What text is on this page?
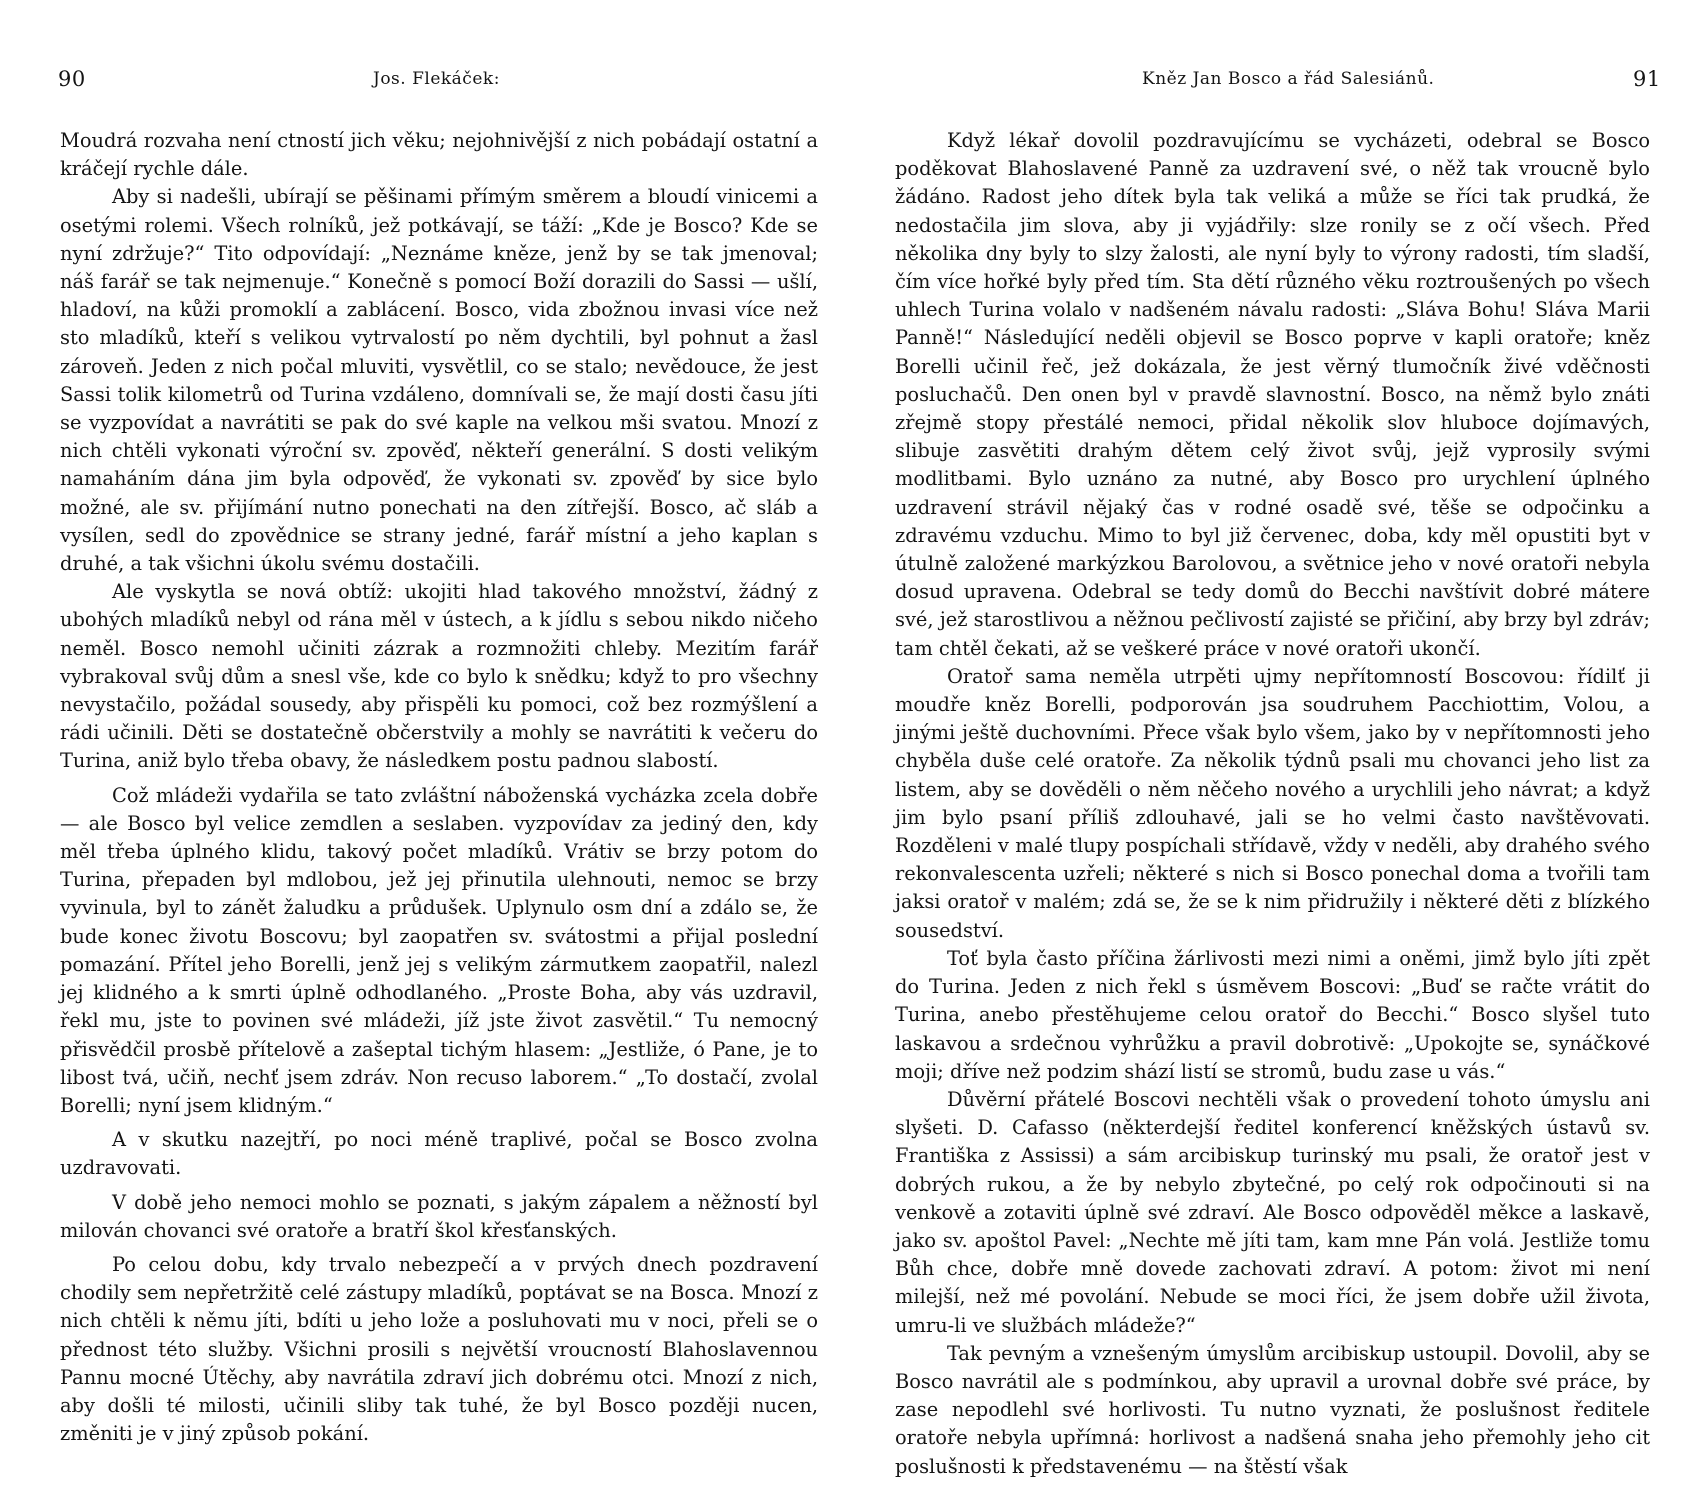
90	Jos. Flekáček:

Moudrá rozvaha není ctností jich věku; nejohnivější z nich pobádají ostatní a kráčejí rychle dále.

Aby si nadešli, ubírají se pěšinami přímým směrem a bloudí vinicemi a osetými rolemi. Všech rolníků, jež potkávají, se táží: „Kde je Bosco? Kde se nyní zdržuje?“ Tito odpovídají: „Neznáme kněze, jenž by se tak jmenoval; náš farář se tak nejmenuje.“ Konečně s pomocí Boží dorazili do Sassi — ušlí, hladoví, na kůži promoklí a zablácení. Bosco, vida zbožnou invasi více než sto mladíků, kteří s velikou vytrvalostí po něm dychtili, byl pohnut a žasl zároveň. Jeden z nich počal mluviti, vysvětlil, co se stalo; nevědouce, že jest Sassi tolik kilometrů od Turina vzdáleno, domnívali se, že mají dosti času jíti se vyzpovídat a navrátiti se pak do své kaple na velkou mši svatou. Mnozí z nich chtěli vykonati výroční sv. zpověď, někteří generální. S dosti velikým namaháním dána jim byla odpověď, že vykonati sv. zpověď by sice bylo možné, ale sv. přijímání nutno ponechati na den zítřejší. Bosco, ač sláb a vysílen, sedl do zpovědnice se strany jedné, farář místní a jeho kaplan s druhé, a tak všichni úkolu svému dostačili.

Ale vyskytla se nová obtíž: ukojiti hlad takového množství, žádný z ubohých mladíků nebyl od rána měl v ústech, a k jídlu s sebou nikdo ničeho neměl. Bosco nemohl učiniti zázrak a rozmnožiti chleby. Mezitím farář vybrakoval svůj dům a snesl vše, kde co bylo k snědku; když to pro všechny nevystačilo, požádal sousedy, aby přispěli ku pomoci, což bez rozmýšlení a rádi učinili. Děti se dostatečně občerstvily a mohly se navrátiti k večeru do Turina, aniž bylo třeba obavy, že následkem postu padnou slabostí.

Což mládeži vydařila se tato zvláštní náboženská vycházka zcela dobře — ale Bosco byl velice zemdlen a seslaben. vyzpovídav za jediný den, kdy měl třeba úplného klidu, takový počet mladíků. Vrátiv se brzy potom do Turina, přepaden byl mdlobou, jež jej přinutila ulehnouti, nemoc se brzy vyvinula, byl to zánět žaludku a průdušek. Uplynulo osm dní a zdálo se, že bude konec životu Boscovu; byl zaopatřen sv. svátostmi a přijal poslední pomazání. Přítel jeho Borelli, jenž jej s velikým zármutkem zaopatřil, nalezl jej klidného a k smrti úplně odhodlaného. „Proste Boha, aby vás uzdravil, řekl mu, jste to povinen své mládeži, jíž jste život zasvětil.“ Tu nemocný přisvědčil prosbě přítelově a zašeptal tichým hlasem: „Jestliže, ó Pane, je to libost tvá, učiň, nechť jsem zdráv. Non recuso laborem.“ „To dostačí, zvolal Borelli; nyní jsem klidným.“

A v skutku nazejtří, po noci méně traplivé, počal se Bosco zvolna uzdravovati.

V době jeho nemoci mohlo se poznati, s jakým zápalem a něžností byl milován chovanci své oratoře a bratří škol křesťanských.

Po celou dobu, kdy trvalo nebezpečí a v prvých dnech pozdravení chodily sem nepřetržitě celé zástupy mladíků, poptávat se na Bosca. Mnozí z nich chtěli k němu jíti, bdíti u jeho lože a posluhovati mu v noci, přeli se o přednost této služby. Všichni prosili s největší vroucností Blahoslavennou Pannu mocné Útěchy, aby navrátila zdraví jich dobrému otci. Mnozí z nich, aby došli té milosti, učinili sliby tak tuhé, že byl Bosco později nucen, změniti je v jiný způsob pokání.

Kněz Jan Bosco a řád Salesiánů.	91

Když lékař dovolil pozdravujícímu se vycházeti, odebral se Bosco poděkovat Blahoslavené Panně za uzdravení své, o něž tak vroucně bylo žádáno. Radost jeho dítek byla tak veliká a může se říci tak prudká, že nedostačila jim slova, aby ji vyjádřily: slze ronily se z očí všech. Před několika dny byly to slzy žalosti, ale nyní byly to výrony radosti, tím sladší, čím více hořké byly před tím. Sta dětí různého věku roztroušených po všech uhlech Turina volalo v nadšeném návalu radosti: „Sláva Bohu! Sláva Marii Panně!“ Následující neděli objevil se Bosco poprve v kapli oratoře; kněz Borelli učinil řeč, jež dokázala, že jest věrný tlumočník živé vděčnosti posluchačů. Den onen byl v pravdě slavnostní. Bosco, na němž bylo znáti zřejmě stopy přestálé nemoci, přidal několik slov hluboce dojímavých, slibuje zasvětiti drahým dětem celý život svůj, jejž vyprosily svými modlitbami. Bylo uznáno za nutné, aby Bosco pro urychlení úplného uzdravení strávil nějaký čas v rodné osadě své, těše se odpočinku a zdravému vzduchu. Mimo to byl již červenec, doba, kdy měl opustiti byt v útulně založené markýzkou Barolovou, a světnice jeho v nové oratoři nebyla dosud upravena. Odebral se tedy domů do Becchi navštívit dobré mátere své, jež starostlivou a něžnou pečlivostí zajisté se přičiní, aby brzy byl zdráv; tam chtěl čekati, až se veškeré práce v nové oratoři ukončí.

Oratoř sama neměla utrpěti ujmy nepřítomností Boscovou: řídilť ji moudře kněz Borelli, podporován jsa soudruhem Pacchiottim, Volou, a jinými ještě duchovními. Přece však bylo všem, jako by v nepřítomnosti jeho chyběla duše celé oratoře. Za několik týdnů psali mu chovanci jeho list za listem, aby se dověděli o něm něčeho nového a urychlili jeho návrat; a když jim bylo psaní příliš zdlouhavé, jali se ho velmi často navštěvovati. Rozděleni v malé tlupy pospíchali střídavě, vždy v neděli, aby drahého svého rekonvalescenta uzřeli; některé s nich si Bosco ponechal doma a tvořili tam jaksi oratoř v malém; zdá se, že se k nim přidružily i některé děti z blízkého sousedství.

Toť byla často příčina žárlivosti mezi nimi a oněmi, jimž bylo jíti zpět do Turina. Jeden z nich řekl s úsměvem Boscovi: „Buď se račte vrátit do Turina, anebo přestěhujeme celou oratoř do Becchi.“ Bosco slyšel tuto laskavou a srdečnou vyhrůžku a pravil dobrotivě: „Upokojte se, synáčkové moji; dříve než podzim shází listí se stromů, budu zase u vás.“

Důvěrní přátelé Boscovi nechtěli však o provedení tohoto úmyslu ani slyšeti. D. Cafasso (některdejší ředitel konferencí kněžských ústavů sv. Františka z Assissi) a sám arcibiskup turinský mu psali, že oratoř jest v dobrých rukou, a že by nebylo zbytečné, po celý rok odpočinouti si na venkově a zotaviti úplně své zdraví. Ale Bosco odpověděl měkce a laskavě, jako sv. apoštol Pavel: „Nechte mě jíti tam, kam mne Pán volá. Jestliže tomu Bůh chce, dobře mně dovede zachovati zdraví. A potom: život mi není milejší, než mé povolání. Nebude se moci říci, že jsem dobře užil života, umru-li ve službách mládeže?“

Tak pevným a vznešeným úmyslům arcibiskup ustoupil. Dovolil, aby se Bosco navrátil ale s podmínkou, aby upravil a urovnal dobře své práce, by zase nepodlehl své horlivosti. Tu nutno vyznati, že poslušnost ředitele oratoře nebyla upřímná: horlivost a nadšená snaha jeho přemohly jeho cit poslušnosti k představenému — na štěstí však
